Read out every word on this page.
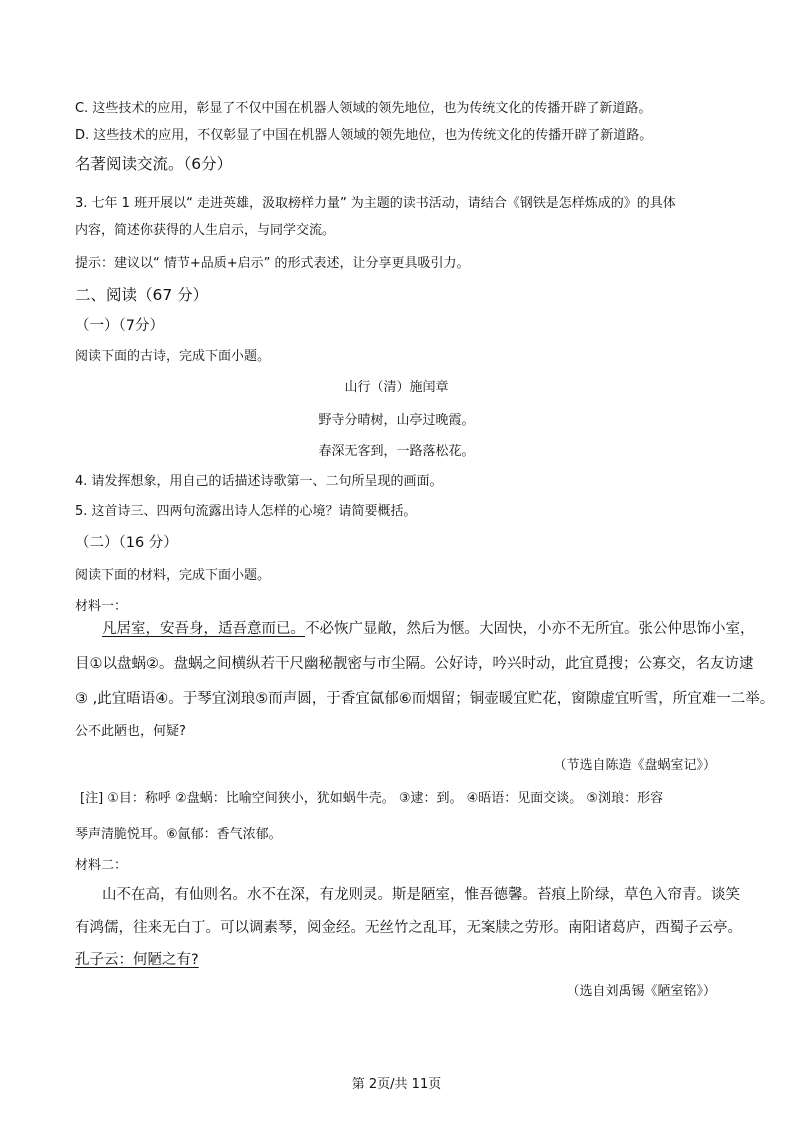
C. 这些技术的应用，彰显了不仅中国在机器人领域的领先地位，也为传统文化的传播开辟了新道路。
D. 这些技术的应用，不仅彰显了中国在机器人领域的领先地位，也为传统文化的传播开辟了新道路。
名著阅读交流。（6分）
3. 七年 1 班开展以“ 走进英雄，汲取榜样力量” 为主题的读书活动，请结合《钢铁是怎样炼成的》的具体
内容，简述你获得的人生启示，与同学交流。
提示：建议以“ 情节+品质+启示” 的形式表述，让分享更具吸引力。
二、阅读（67 分）
（一）（7分）
阅读下面的古诗，完成下面小题。
山行（清）施闰章
野寺分晴树，山亭过晚霞。
春深无客到，一路落松花。
4. 请发挥想象，用自己的话描述诗歌第一、二句所呈现的画面。
5. 这首诗三、四两句流露出诗人怎样的心境？请简要概括。
（二）（16 分）
阅读下面的材料，完成下面小题。
材料一：
凡居室，安吾身，适吾意而已。不必恢广显敞，然后为惬。大固快，小亦不无所宜。张公仲思饰小室，
目①以盘蜗②。盘蜗之间横纵若干尺幽秘靓密与市尘隔。公好诗，吟兴时动，此宜覓搜；公寡交，名友访逮
③ ,此宜晤语④。于琴宜浏琅⑤而声圆，于香宜氤郁⑥而烟留；铜壶暖宜贮花，窗隙虚宜听雪，所宜难一二举。
公不此陋也，何疑?
（节选自陈造《盘蜗室记》）
[注] ①目：称呼 ②盘蜗：比喻空间狭小，犹如蜗牛壳。 ③逮：到。 ④晤语：见面交谈。 ⑤浏琅：形容
琴声清脆悦耳。⑥氤郁：香气浓郁。
材料二：
山不在高，有仙则名。水不在深，有龙则灵。斯是陋室，惟吾德馨。苔痕上阶绿，草色入帘青。谈笑
有鸿儒，往来无白丁。可以调素琴，阅金经。无丝竹之乱耳，无案牍之劳形。南阳诸葛庐，西蜀子云亭。
孔子云：何陋之有?
（选自刘禹锡《陋室铭》）
第 2页/共 11页
